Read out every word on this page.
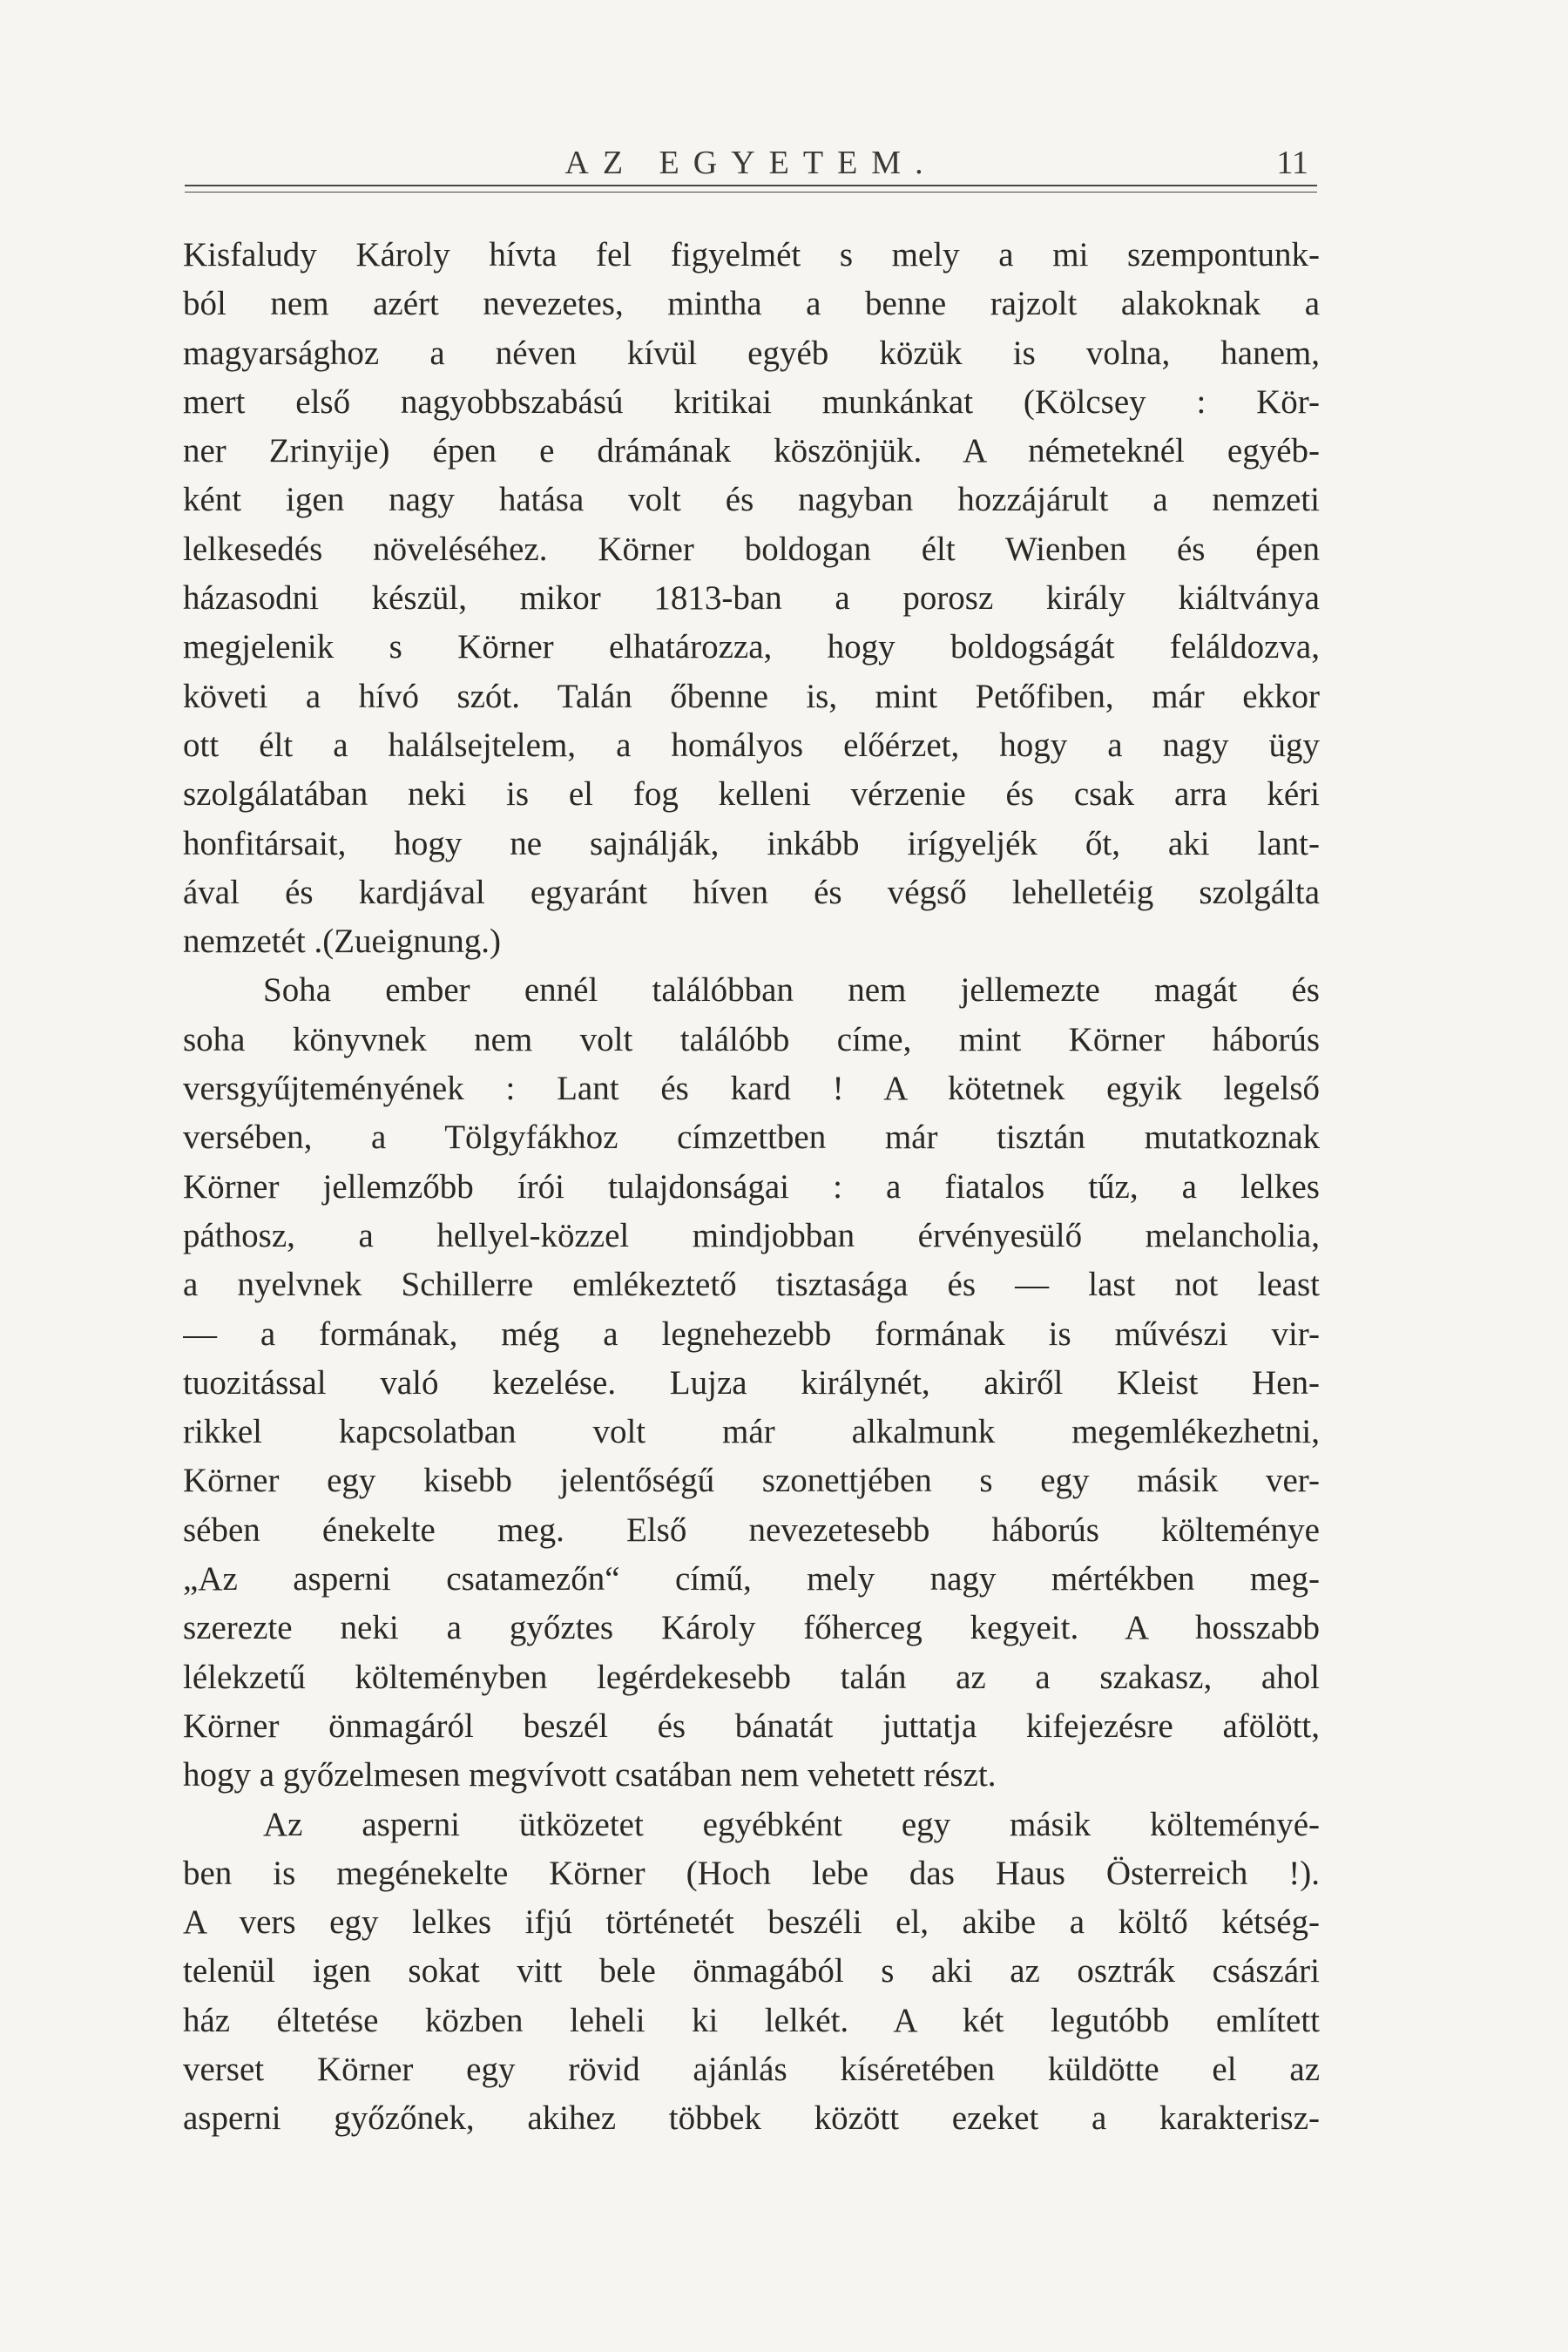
AZ EGYETEM.	11
Kisfaludy Károly hívta fel figyelmét s mely a mi szempontunk-
ból nem azért nevezetes, mintha a benne rajzolt alakoknak a
magyarsághoz a néven kívül egyéb közük is volna, hanem,
mert első nagyobbszabású kritikai munkánkat (Kölcsey : Kör-
ner Zrinyije) épen e drámának köszönjük. A németeknél egyéb-
ként igen nagy hatása volt és nagyban hozzájárult a nemzeti
lelkesedés növeléséhez. Körner boldogan élt Wienben és épen
házasodni készül, mikor 1813-ban a porosz király kiáltványa
megjelenik s Körner elhatározza, hogy boldogságát feláldozva,
követi a hívó szót. Talán őbenne is, mint Petőfiben, már ekkor
ott élt a halálsejtelem, a homályos előérzet, hogy a nagy ügy
szolgálatában neki is el fog kelleni vérzenie és csak arra kéri
honfitársait, hogy ne sajnálják, inkább irígyeljék őt, aki lant-
ával és kardjával egyaránt híven és végső lehelletéig szolgálta
nemzetét .(Zueignung.)
Soha ember ennél találóbban nem jellemezte magát és
soha könyvnek nem volt találóbb címe, mint Körner háborús
versgyűjteményének : Lant és kard ! A kötetnek egyik legelső
versében, a Tölgyfákhoz címzettben már tisztán mutatkoznak
Körner jellemzőbb írói tulajdonságai : a fiatalos tűz, a lelkes
páthosz, a hellyel-közzel mindjobban érvényesülő melancholia,
a nyelvnek Schillerre emlékeztető tisztasága és — last not least
— a formának, még a legnehezebb formának is művészi vir-
tuozitással való kezelése. Lujza királynét, akiről Kleist Hen-
rikkel kapcsolatban volt már alkalmunk megemlékezhetni,
Körner egy kisebb jelentőségű szonettjében s egy másik ver-
sében énekelte meg. Első nevezetesebb háborús költeménye
„Az asperni csatamezőn“ című, mely nagy mértékben meg-
szerezte neki a győztes Károly főherceg kegyeit. A hosszabb
lélekzetű költeményben legérdekesebb talán az a szakasz, ahol
Körner önmagáról beszél és bánatát juttatja kifejezésre afölött,
hogy a győzelmesen megvívott csatában nem vehetett részt.
Az asperni ütközetet egyébként egy másik költeményé-
ben is megénekelte Körner (Hoch lebe das Haus Österreich !).
A vers egy lelkes ifjú történetét beszéli el, akibe a költő kétség-
telenül igen sokat vitt bele önmagából s aki az osztrák császári
ház éltetése közben leheli ki lelkét. A két legutóbb említett
verset Körner egy rövid ajánlás kíséretében küldötte el az
asperni győzőnek, akihez többek között ezeket a karakterisz-
